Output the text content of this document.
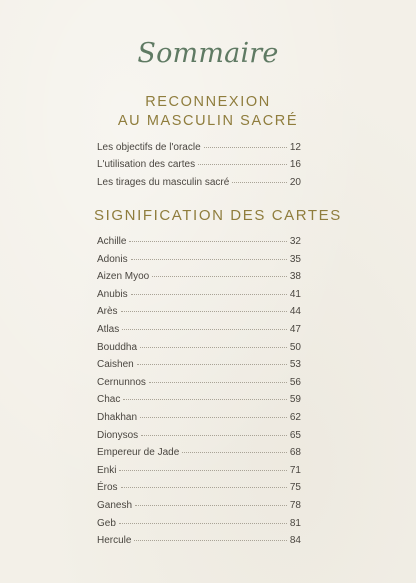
Sommaire
RECONNEXION
AU MASCULIN SACRÉ
Les objectifs de l'oracle	12
L'utilisation des cartes	16
Les tirages du masculin sacré	20
SIGNIFICATION DES CARTES
Achille	32
Adonis	35
Aizen Myoo	38
Anubis	41
Arès	44
Atlas	47
Bouddha	50
Caishen	53
Cernunnos	56
Chac	59
Dhakhan	62
Dionysos	65
Empereur de Jade	68
Enki	71
Éros	75
Ganesh	78
Geb	81
Hercule	84
